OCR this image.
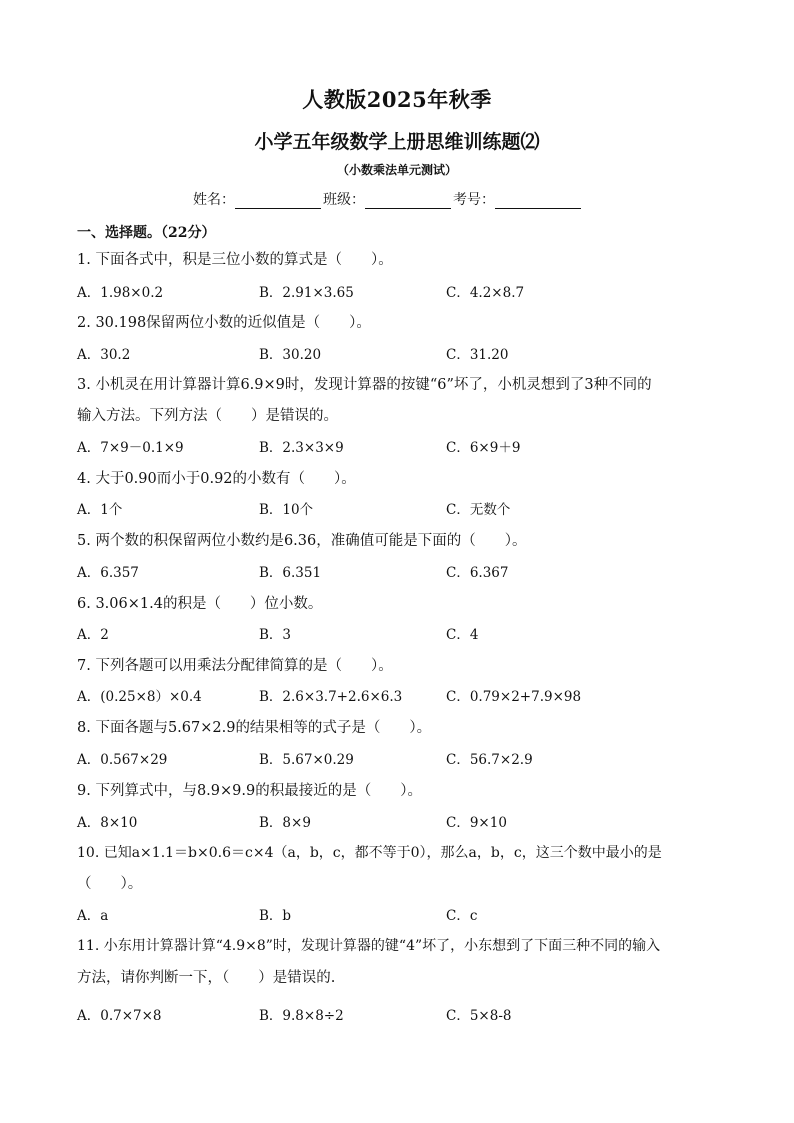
人教版2025年秋季
小学五年级数学上册思维训练题⑵
（小数乘法单元测试）
姓名：	班级：	考号：
一、选择题。（22分）
1. 下面各式中，积是三位小数的算式是（　　）。
A．1.98×0.2	B．2.91×3.65	C．4.2×8.7
2. 30.198保留两位小数的近似值是（　　）。
A．30.2	B．30.20	C．31.20
3. 小机灵在用计算器计算6.9×9时，发现计算器的按键“6”坏了，小机灵想到了3种不同的
输入方法。下列方法（　　）是错误的。
A．7×9－0.1×9	B．2.3×3×9	C．6×9＋9
4. 大于0.90而小于0.92的小数有（　　）。
A．1个	B．10个	C．无数个
5. 两个数的积保留两位小数约是6.36，准确值可能是下面的（　　）。
A．6.357	B．6.351	C．6.367
6. 3.06×1.4的积是（　　）位小数。
A．2	B．3	C．4
7. 下列各题可以用乘法分配律简算的是（　　）。
A．(0.25×8）×0.4	B．2.6×3.7+2.6×6.3	C．0.79×2+7.9×98
8. 下面各题与5.67×2.9的结果相等的式子是（　　）。
A．0.567×29	B．5.67×0.29	C．56.7×2.9
9. 下列算式中，与8.9×9.9的积最接近的是（　　）。
A．8×10	B．8×9	C．9×10
10. 已知a×1.1＝b×0.6＝c×4（a，b，c，都不等于0），那么a，b，c，这三个数中最小的是
（　　）。
A．a	B．b	C．c
11. 小东用计算器计算“4.9×8”时，发现计算器的键“4”坏了，小东想到了下面三种不同的输入
方法，请你判断一下，（　　）是错误的.
A．0.7×7×8	B．9.8×8÷2	C．5×8-8
